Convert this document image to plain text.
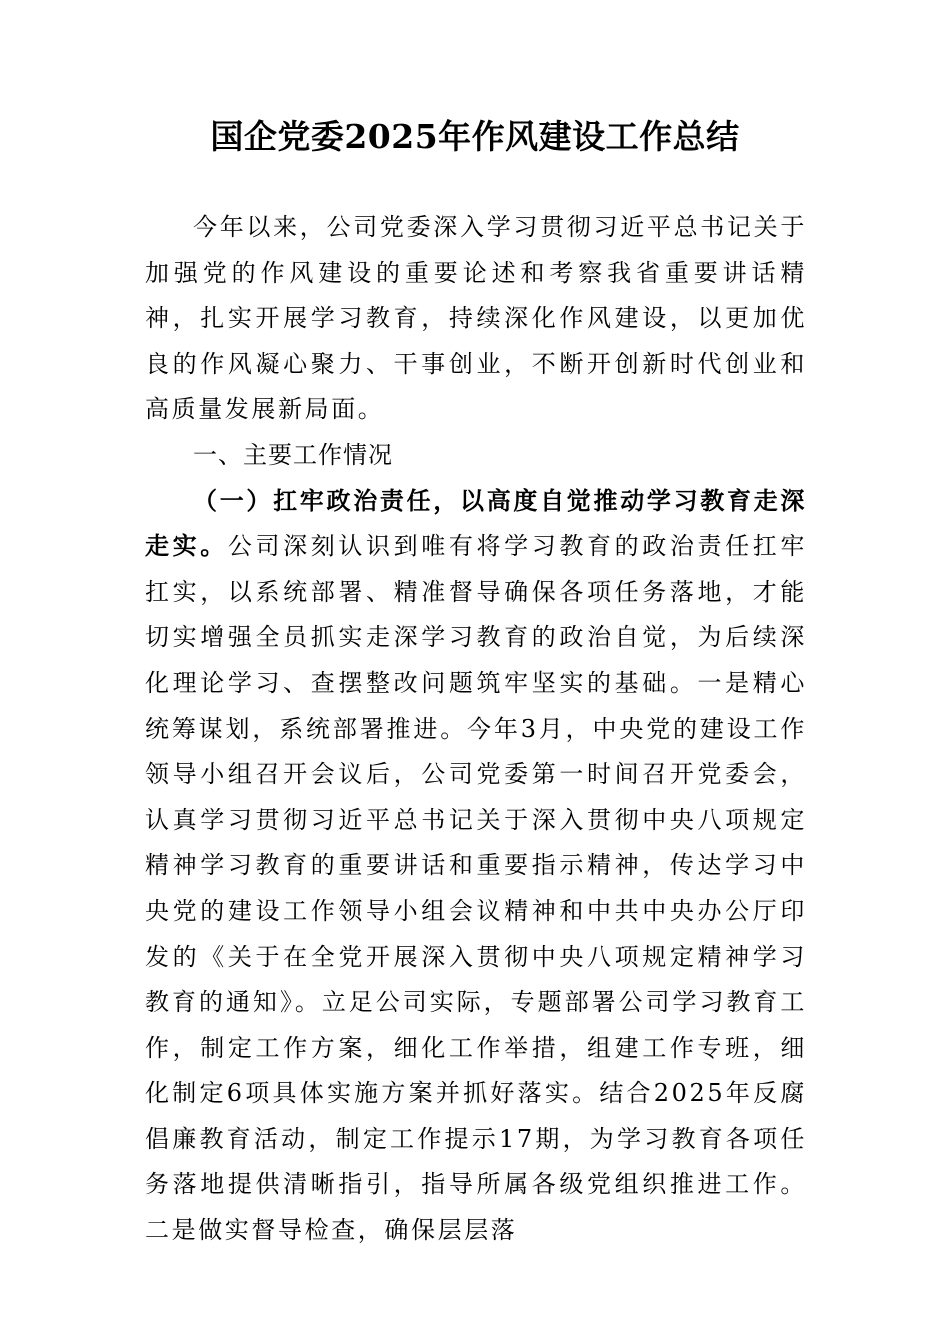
国企党委2025年作风建设工作总结

今年以来，公司党委深入学习贯彻习近平总书记关于加强党的作风建设的重要论述和考察我省重要讲话精神，扎实开展学习教育，持续深化作风建设，以更加优良的作风凝心聚力、干事创业，不断开创新时代创业和高质量发展新局面。

一、主要工作情况

（一）扛牢政治责任，以高度自觉推动学习教育走深走实。公司深刻认识到唯有将学习教育的政治责任扛牢扛实，以系统部署、精准督导确保各项任务落地，才能切实增强全员抓实走深学习教育的政治自觉，为后续深化理论学习、查摆整改问题筑牢坚实的基础。一是精心统筹谋划，系统部署推进。今年3月，中央党的建设工作领导小组召开会议后，公司党委第一时间召开党委会，认真学习贯彻习近平总书记关于深入贯彻中央八项规定精神学习教育的重要讲话和重要指示精神，传达学习中央党的建设工作领导小组会议精神和中共中央办公厅印发的《关于在全党开展深入贯彻中央八项规定精神学习教育的通知》。立足公司实际，专题部署公司学习教育工作，制定工作方案，细化工作举措，组建工作专班，细化制定6项具体实施方案并抓好落实。结合2025年反腐倡廉教育活动，制定工作提示17期，为学习教育各项任务落地提供清晰指引，指导所属各级党组织推进工作。二是做实督导检查，确保层层落
